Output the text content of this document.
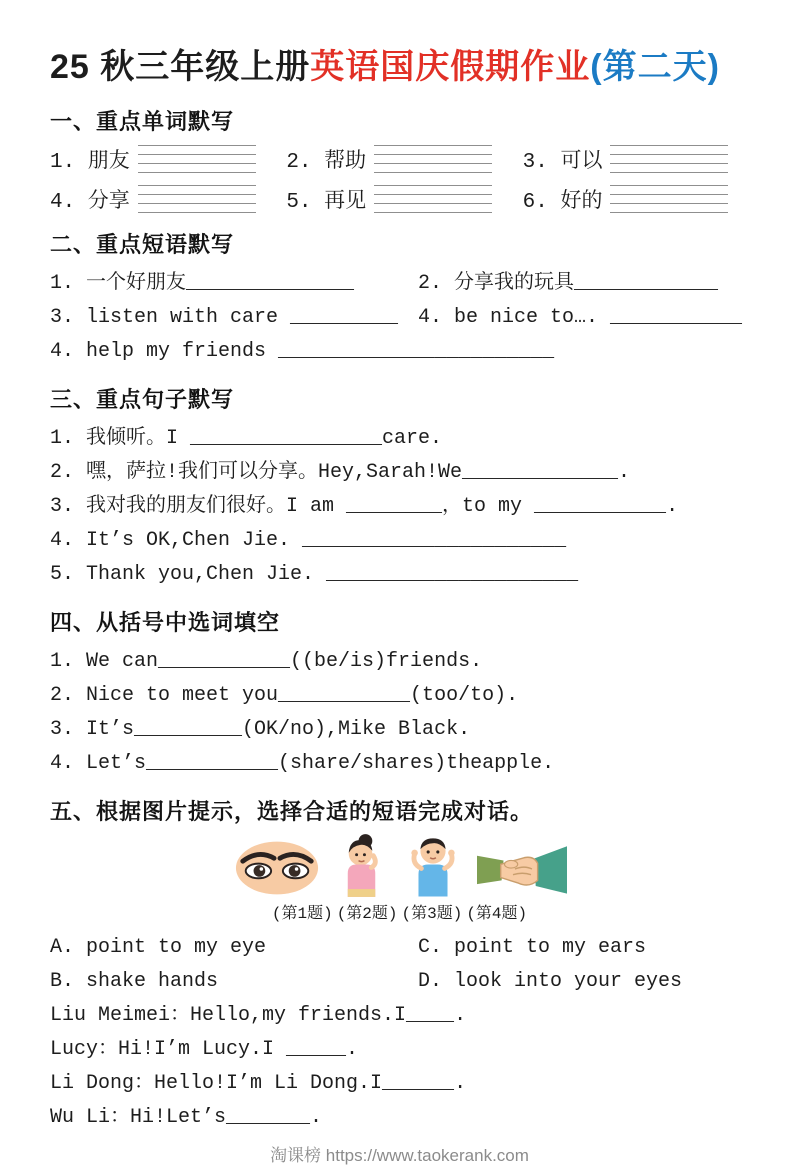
25 秋三年级上册英语国庆假期作业(第二天)
一、重点单词默写
1. 朋友	2. 帮助	3. 可以
4. 分享	5. 再见	6. 好的
二、重点短语默写
1. 一个好朋友______________	2. 分享我的玩具____________
3. listen with care _________ 4. be nice to…. ___________
4. help my friends _______________________
三、重点句子默写
1. 我倾听。I ________________care.
2. 嘿，萨拉!我们可以分享。Hey,Sarah!We_____________.
3. 我对我的朋友们很好。I am ________，to my ___________.
4. It’s OK,Chen Jie. ______________________
5. Thank you,Chen Jie. _____________________
四、从括号中选词填空
1. We can___________((be/is)friends.
2. Nice to meet you___________(too/to).
3. It’s_________(OK/no),Mike Black.
4. Let’s___________(share/shares)theapple.
五、根据图片提示，选择合适的短语完成对话。
(第1题) (第2题) (第3题) (第4题)
A. point to my eye	C. point to my ears
B. shake hands	D. look into your eyes
Liu Meimei：Hello,my friends.I____.
Lucy：Hi!I’m Lucy.I _____.
Li Dong：Hello!I’m Li Dong.I______.
Wu Li：Hi!Let’s_______.
淘课榜 https://www.taokerank.com
